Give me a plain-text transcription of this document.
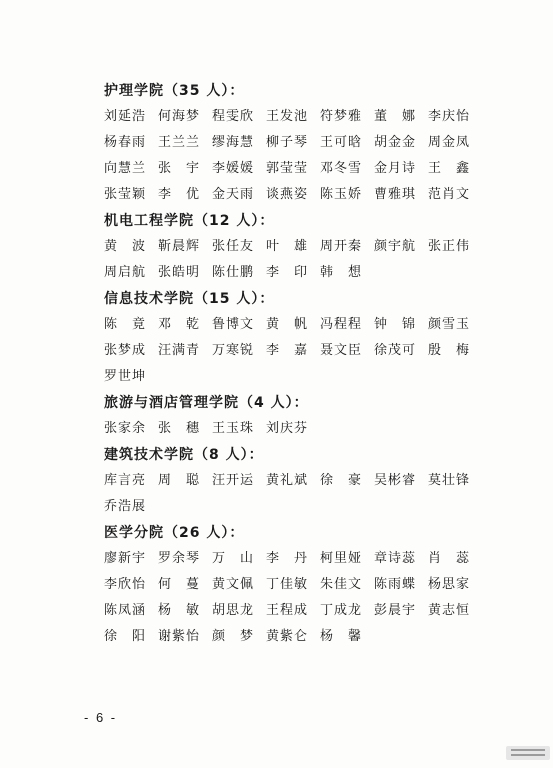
护理学院（35 人）：
刘延浩 何海梦 程雯欣 王发池 符梦雅 董　娜 李庆怡
杨春雨 王兰兰 缪海慧 柳子琴 王可晗 胡金金 周金凤
向慧兰 张　宇 李媛媛 郭莹莹 邓冬雪 金月诗 王　鑫
张莹颖 李　优 金天雨 谈燕姿 陈玉娇 曹雅琪 范肖文
机电工程学院（12 人）：
黄　波 靳晨辉 张任友 叶　雄 周开秦 颜宇航 张正伟
周启航 张皓明 陈仕鹏 李　印 韩　想
信息技术学院（15 人）：
陈　竟 邓　乾 鲁博文 黄　帆 冯程程 钟　锦 颜雪玉
张梦成 汪满青 万寒锐 李　嘉 聂文臣 徐茂可 殷　梅
罗世坤
旅游与酒店管理学院（4 人）：
张家余 张　穗 王玉珠 刘庆芬
建筑技术学院（8 人）：
库言亮 周　聪 汪开运 黄礼斌 徐　豪 吴彬睿 莫壮锋
乔浩展
医学分院（26 人）：
廖新宇 罗余琴 万　山 李　丹 柯里娅 章诗蕊 肖　蕊
李欣怡 何　蔓 黄文佩 丁佳敏 朱佳文 陈雨蝶 杨思家
陈凤涵 杨　敏 胡思龙 王程成 丁成龙 彭晨宇 黄志恒
徐　阳 谢紫怡 颜　梦 黄紫仑 杨　馨
- 6 -
